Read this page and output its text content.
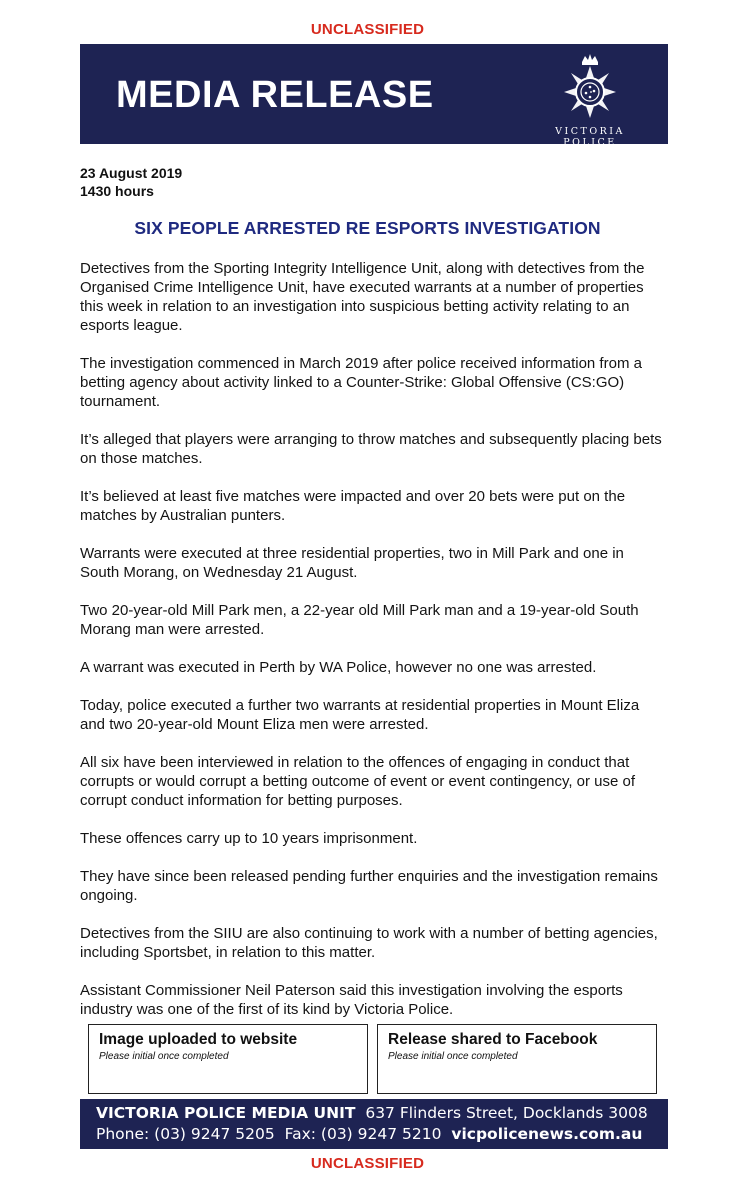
UNCLASSIFIED
MEDIA RELEASE
VICTORIA POLICE
23 August 2019
1430 hours
SIX PEOPLE ARRESTED RE ESPORTS INVESTIGATION

Detectives from the Sporting Integrity Intelligence Unit, along with detectives from the Organised Crime Intelligence Unit, have executed warrants at a number of properties this week in relation to an investigation into suspicious betting activity relating to an esports league.

The investigation commenced in March 2019 after police received information from a betting agency about activity linked to a Counter-Strike: Global Offensive (CS:GO) tournament.

It’s alleged that players were arranging to throw matches and subsequently placing bets on those matches.

It’s believed at least five matches were impacted and over 20 bets were put on the matches by Australian punters.

Warrants were executed at three residential properties, two in Mill Park and one in South Morang, on Wednesday 21 August.

Two 20-year-old Mill Park men, a 22-year old Mill Park man and a 19-year-old South Morang man were arrested.

A warrant was executed in Perth by WA Police, however no one was arrested.

Today, police executed a further two warrants at residential properties in Mount Eliza and two 20-year-old Mount Eliza men were arrested.

All six have been interviewed in relation to the offences of engaging in conduct that corrupts or would corrupt a betting outcome of event or event contingency, or use of corrupt conduct information for betting purposes.

These offences carry up to 10 years imprisonment.

They have since been released pending further enquiries and the investigation remains ongoing.

Detectives from the SIIU are also continuing to work with a number of betting agencies, including Sportsbet, in relation to this matter.

Assistant Commissioner Neil Paterson said this investigation involving the esports industry was one of the first of its kind by Victoria Police.

Image uploaded to website
Please initial once completed
Release shared to Facebook
Please initial once completed
VICTORIA POLICE MEDIA UNIT 637 Flinders Street, Docklands 3008
Phone: (03) 9247 5205 Fax: (03) 9247 5210 vicpolicenews.com.au
UNCLASSIFIED
